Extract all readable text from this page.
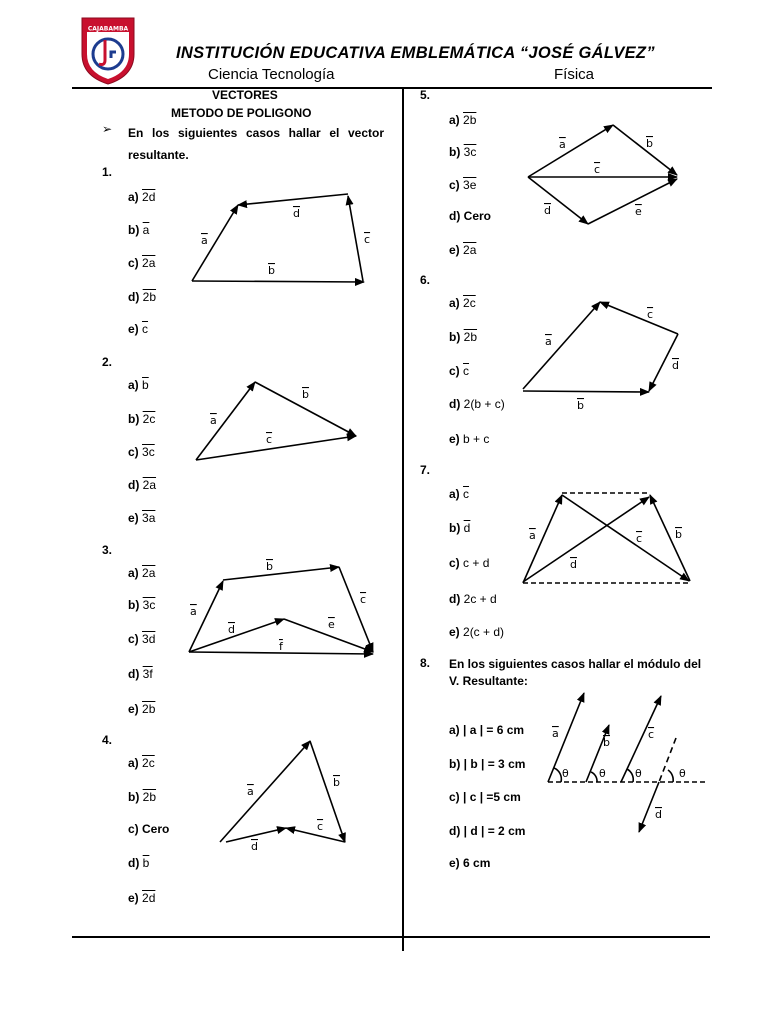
CAJABAMBA
INSTITUCIÓN EDUCATIVA EMBLEMÁTICA “JOSÉ GÁLVEZ”
Ciencia Tecnología	Física
VECTORES
METODO DE POLIGONO
➢ En los siguientes casos hallar el vector resultante.
1.
2.
3.
4.
5.
6.
7.
a) 2d
b) $\overline{a}$
c) 2a
d) 2b
e) $\overline{c}$
a) $\overline{b}$
b) 2c
c) 3c
d) 2a
e) 3a
a) 2a
b) 3c
c) 3d
d) 3f
e) 2b
a) 2c
b) 2b
c) Cero
d) $\overline{b}$
e) 2d
a) 2b
b) 3c
c) 3e
d) Cero
e) 2a
a) 2c
b) 2b
c) $\overline{c}$
d) 2(b + c)
e) b + c
a) $\overline{c}$
b) $\overline{d}$
c) c + d
d) 2c + d
e) 2(c + d)
8. En los siguientes casos hallar el módulo del V. Resultante:
a) | a | = 6 cm
b) | b | = 3 cm
c) | c | =5 cm
d) | d | = 2 cm
e) 6 cm
a
d
c
b
a
b
c
a
b
c
d	e
f
a
b
c
d
a	b
c
d	e
a
c
d
b
a	c	b
d
a
b
c
d
θ	θ	θ	θ
